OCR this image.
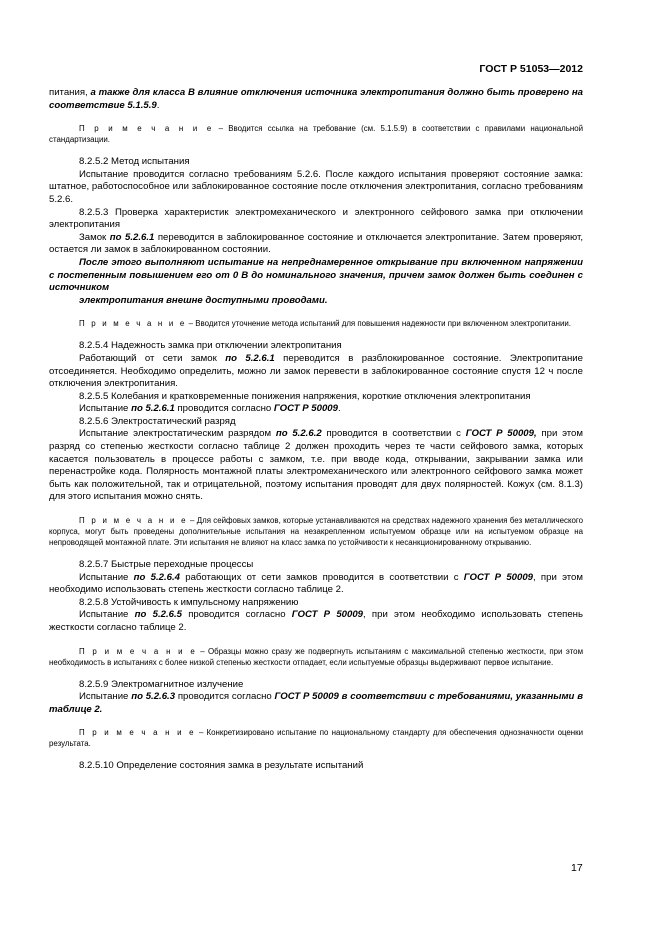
ГОСТ Р 51053—2012

питания, а также для класса В влияние отключения источника электропитания должно быть проверено на соответствие 5.1.5.9.

П р и м е ч а н и е – Вводится ссылка на требование (см. 5.1.5.9) в соответствии с правилами национальной стандартизации.

8.2.5.2 Метод испытания

Испытание проводится согласно требованиям 5.2.6. После каждого испытания проверяют состояние замка: штатное, работоспособное или заблокированное состояние после отключения электропитания, согласно требованиям 5.2.6.

8.2.5.3 Проверка характеристик электромеханического и электронного сейфового замка при отключении электропитания

Замок по 5.2.6.1 переводится в заблокированное состояние и отключается электропитание. Затем проверяют, остается ли замок в заблокированном состоянии.

После этого выполняют испытание на непреднамеренное открывание при включенном напряжении с постепенным повышением его от 0 В до номинального значения, причем замок должен быть соединен с источником

электропитания внешне доступными проводами.

П р и м е ч а н и е – Вводится уточнение метода испытаний для повышения надежности при включенном электропитании.

8.2.5.4 Надежность замка при отключении электропитания

Работающий от сети замок по 5.2.6.1 переводится в разблокированное состояние. Электропитание отсоединяется. Необходимо определить, можно ли замок перевести в заблокированное состояние спустя 12 ч после отключения электропитания.

8.2.5.5 Колебания и кратковременные понижения напряжения, короткие отключения электропитания

Испытание по 5.2.6.1 проводится согласно ГОСТ Р 50009.

8.2.5.6 Электростатический разряд

Испытание электростатическим разрядом по 5.2.6.2 проводится в соответствии с ГОСТ Р 50009, при этом разряд со степенью жесткости согласно таблице 2 должен проходить через те части сейфового замка, которых касается пользователь в процессе работы с замком, т.е. при вводе кода, открывании, закрывании замка или перенастройке кода. Полярность монтажной платы электромеханического или электронного сейфового замка может быть как положительной, так и отрицательной, поэтому испытания проводят для двух полярностей. Кожух (см. 8.1.3) для этого испытания можно снять.

П р и м е ч а н и е – Для сейфовых замков, которые устанавливаются на средствах надежного хранения без металлического корпуса, могут быть проведены дополнительные испытания на незакрепленном испытуемом образце или на испытуемом образце на непроводящей монтажной плате. Эти испытания не влияют на класс замка по устойчивости к несанкционированному открыванию.

8.2.5.7 Быстрые переходные процессы

Испытание по 5.2.6.4 работающих от сети замков проводится в соответствии с ГОСТ Р 50009, при этом необходимо использовать степень жесткости согласно таблице 2.

8.2.5.8 Устойчивость к импульсному напряжению

Испытание по 5.2.6.5 проводится согласно ГОСТ Р 50009, при этом необходимо использовать степень жесткости согласно таблице 2.

П р и м е ч а н и е – Образцы можно сразу же подвергнуть испытаниям с максимальной степенью жесткости, при этом необходимость в испытаниях с более низкой степенью жесткости отпадает, если испытуемые образцы выдерживают первое испытание.

8.2.5.9 Электромагнитное излучение

Испытание по 5.2.6.3 проводится согласно ГОСТ Р 50009 в соответствии с требованиями, указанными в таблице 2.

П р и м е ч а н и е – Конкретизировано испытание по национальному стандарту для обеспечения однозначности оценки результата.

8.2.5.10 Определение состояния замка в результате испытаний

17
